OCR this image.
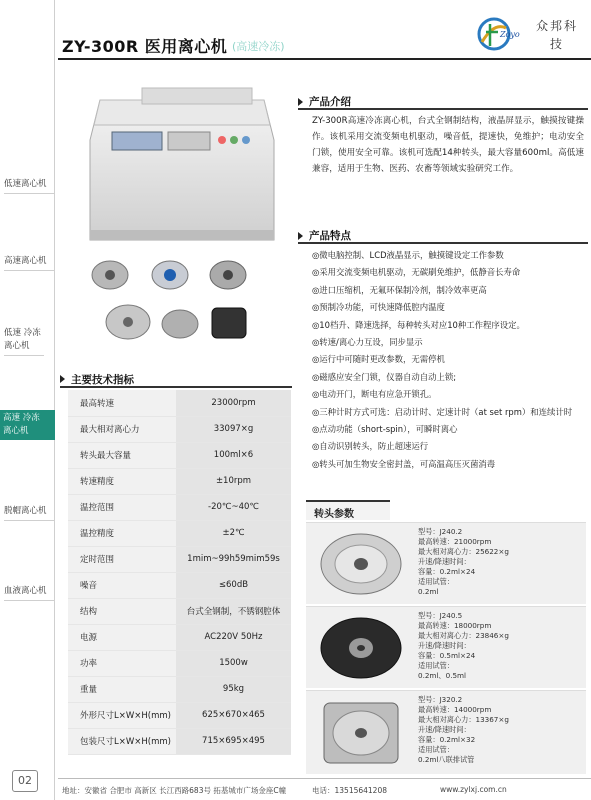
低速离心机
高速离心机
低速 冷冻离心机
高速 冷冻离心机
脱帽离心机
血液离心机
02
ZY-300R 医用离心机 (高速冷冻)
Zoyo
众邦科技
产品介绍
ZY-300R高速冷冻离心机，台式全钢制结构，液晶屏显示，触摸按键操作。该机采用交流变频电机驱动，噪音低，提速快，免维护；电动安全门锁，使用安全可靠。该机可选配14种转头，最大容量600ml。高低速兼容，适用于生物、医药、农畜等领域实验研究工作。
产品特点
◎微电脑控制、LCD液晶显示，触摸键设定工作参数
◎采用交流变频电机驱动，无碳刷免维护，低静音长寿命
◎进口压缩机，无氟环保制冷剂，制冷效率更高
◎预制冷功能，可快速降低腔内温度
◎10档升、降速选择，每种转头对应10种工作程序设定。
◎转速/离心力互设，同步显示
◎运行中可随时更改参数，无需停机
◎磁感应安全门锁，仪器自动自动上锁;
◎电动开门，断电有应急开锁孔。
◎三种计时方式可选：启动计时、定速计时（at set rpm）和连续计时
◎点动功能（short-spin），可瞬时离心
◎自动识别转头，防止超速运行
◎转头可加生物安全密封盖，可高温高压灭菌消毒
主要技术指标
最高转速	23000rpm
最大相对离心力	33097×g
转头最大容量	100ml×6
转速精度	±10rpm
温控范围	-20℃~40℃
温控精度	±2℃
定时范围	1mim~99h59mim59s
噪音	≤60dB
结构	台式全钢制，不锈钢腔体
电源	AC220V 50Hz
功率	1500w
重量	95kg
外形尺寸L×W×H(mm)	625×670×465
包装尺寸L×W×H(mm)	715×695×495
转头参数
型号：J240.2
最高转速：21000rpm
最大相对离心力：25622×g
升速/降速时间：
容量：0.2ml×24
适用试管：
0.2ml
型号：J240.5
最高转速：18000rpm
最大相对离心力：23846×g
升速/降速时间：
容量：0.5ml×24
适用试管：
0.2ml、0.5ml
型号：J320.2
最高转速：14000rpm
最大相对离心力：13367×g
升速/降速时间：
容量：0.2ml×32
适用试管：
0.2ml八联排试管
地址：安徽省 合肥市 高新区 长江西路683号 拓基城市广场金座C幢	电话：13515641208	www.zylxj.com.cn
